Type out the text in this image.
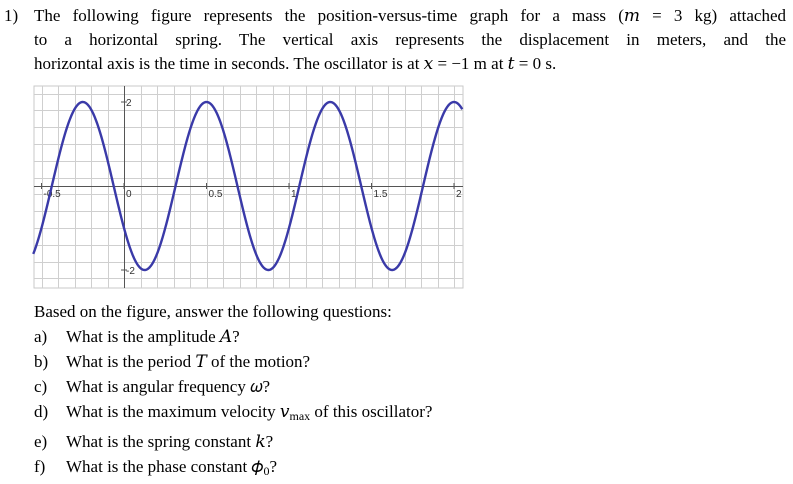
1) The following figure represents the position-versus-time graph for a mass (𝑚 = 3 kg) attached
to a horizontal spring. The vertical axis represents the displacement in meters, and the
horizontal axis is the time in seconds. The oscillator is at 𝑥 = −1 m at 𝑡 = 0 s.
-0.5	0	0.5	1	1.5	2
2
-2
Based on the figure, answer the following questions:
a) What is the amplitude 𝐴?
b) What is the period 𝑇 of the motion?
c) What is angular frequency 𝜔?
d) What is the maximum velocity 𝑣$_{max}$ of this oscillator?
e) What is the spring constant 𝑘?
f) What is the phase constant 𝜙0?
